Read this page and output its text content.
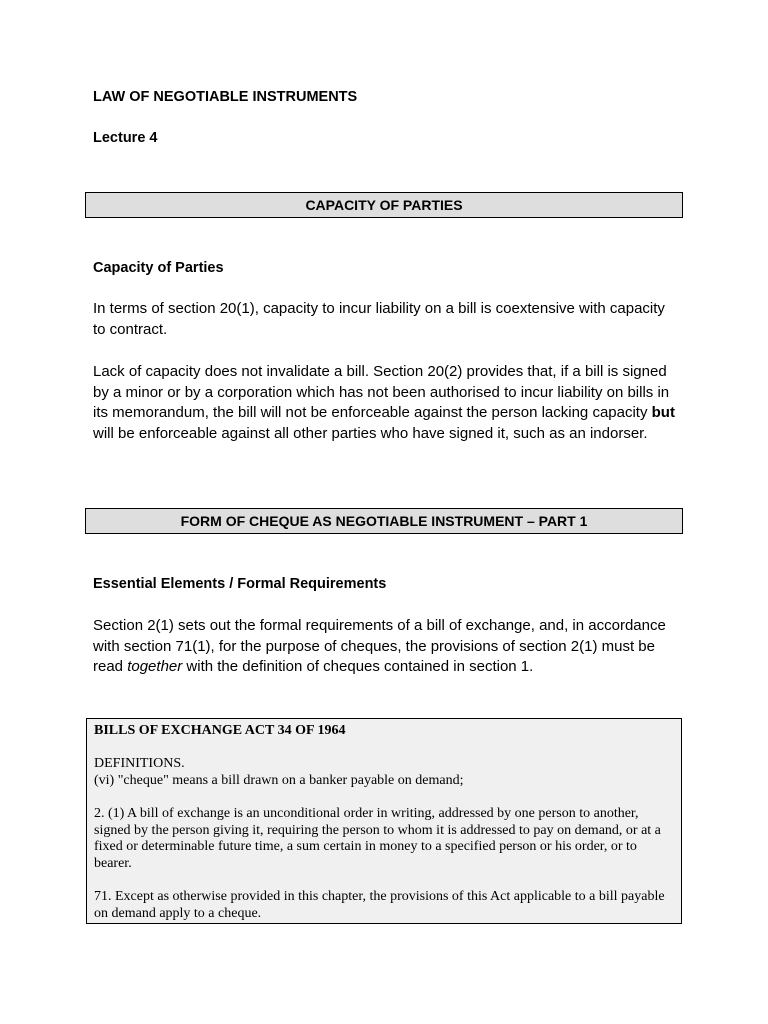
LAW OF NEGOTIABLE INSTRUMENTS
Lecture 4
CAPACITY OF PARTIES
Capacity of Parties

In terms of section 20(1), capacity to incur liability on a bill is coextensive with capacity to contract.

Lack of capacity does not invalidate a bill. Section 20(2) provides that, if a bill is signed by a minor or by a corporation which has not been authorised to incur liability on bills in its memorandum, the bill will not be enforceable against the person lacking capacity but will be enforceable against all other parties who have signed it, such as an indorser.

FORM OF CHEQUE AS NEGOTIABLE INSTRUMENT – PART 1
Essential Elements / Formal Requirements

Section 2(1) sets out the formal requirements of a bill of exchange, and, in accordance with section 71(1), for the purpose of cheques, the provisions of section 2(1) must be read together with the definition of cheques contained in section 1.

BILLS OF EXCHANGE ACT 34 OF 1964

DEFINITIONS.

(vi) "cheque" means a bill drawn on a banker payable on demand;

2. (1) A bill of exchange is an unconditional order in writing, addressed by one person to another, signed by the person giving it, requiring the person to whom it is addressed to pay on demand, or at a fixed or determinable future time, a sum certain in money to a specified person or his order, or to bearer.

71. Except as otherwise provided in this chapter, the provisions of this Act applicable to a bill payable on demand apply to a cheque.
